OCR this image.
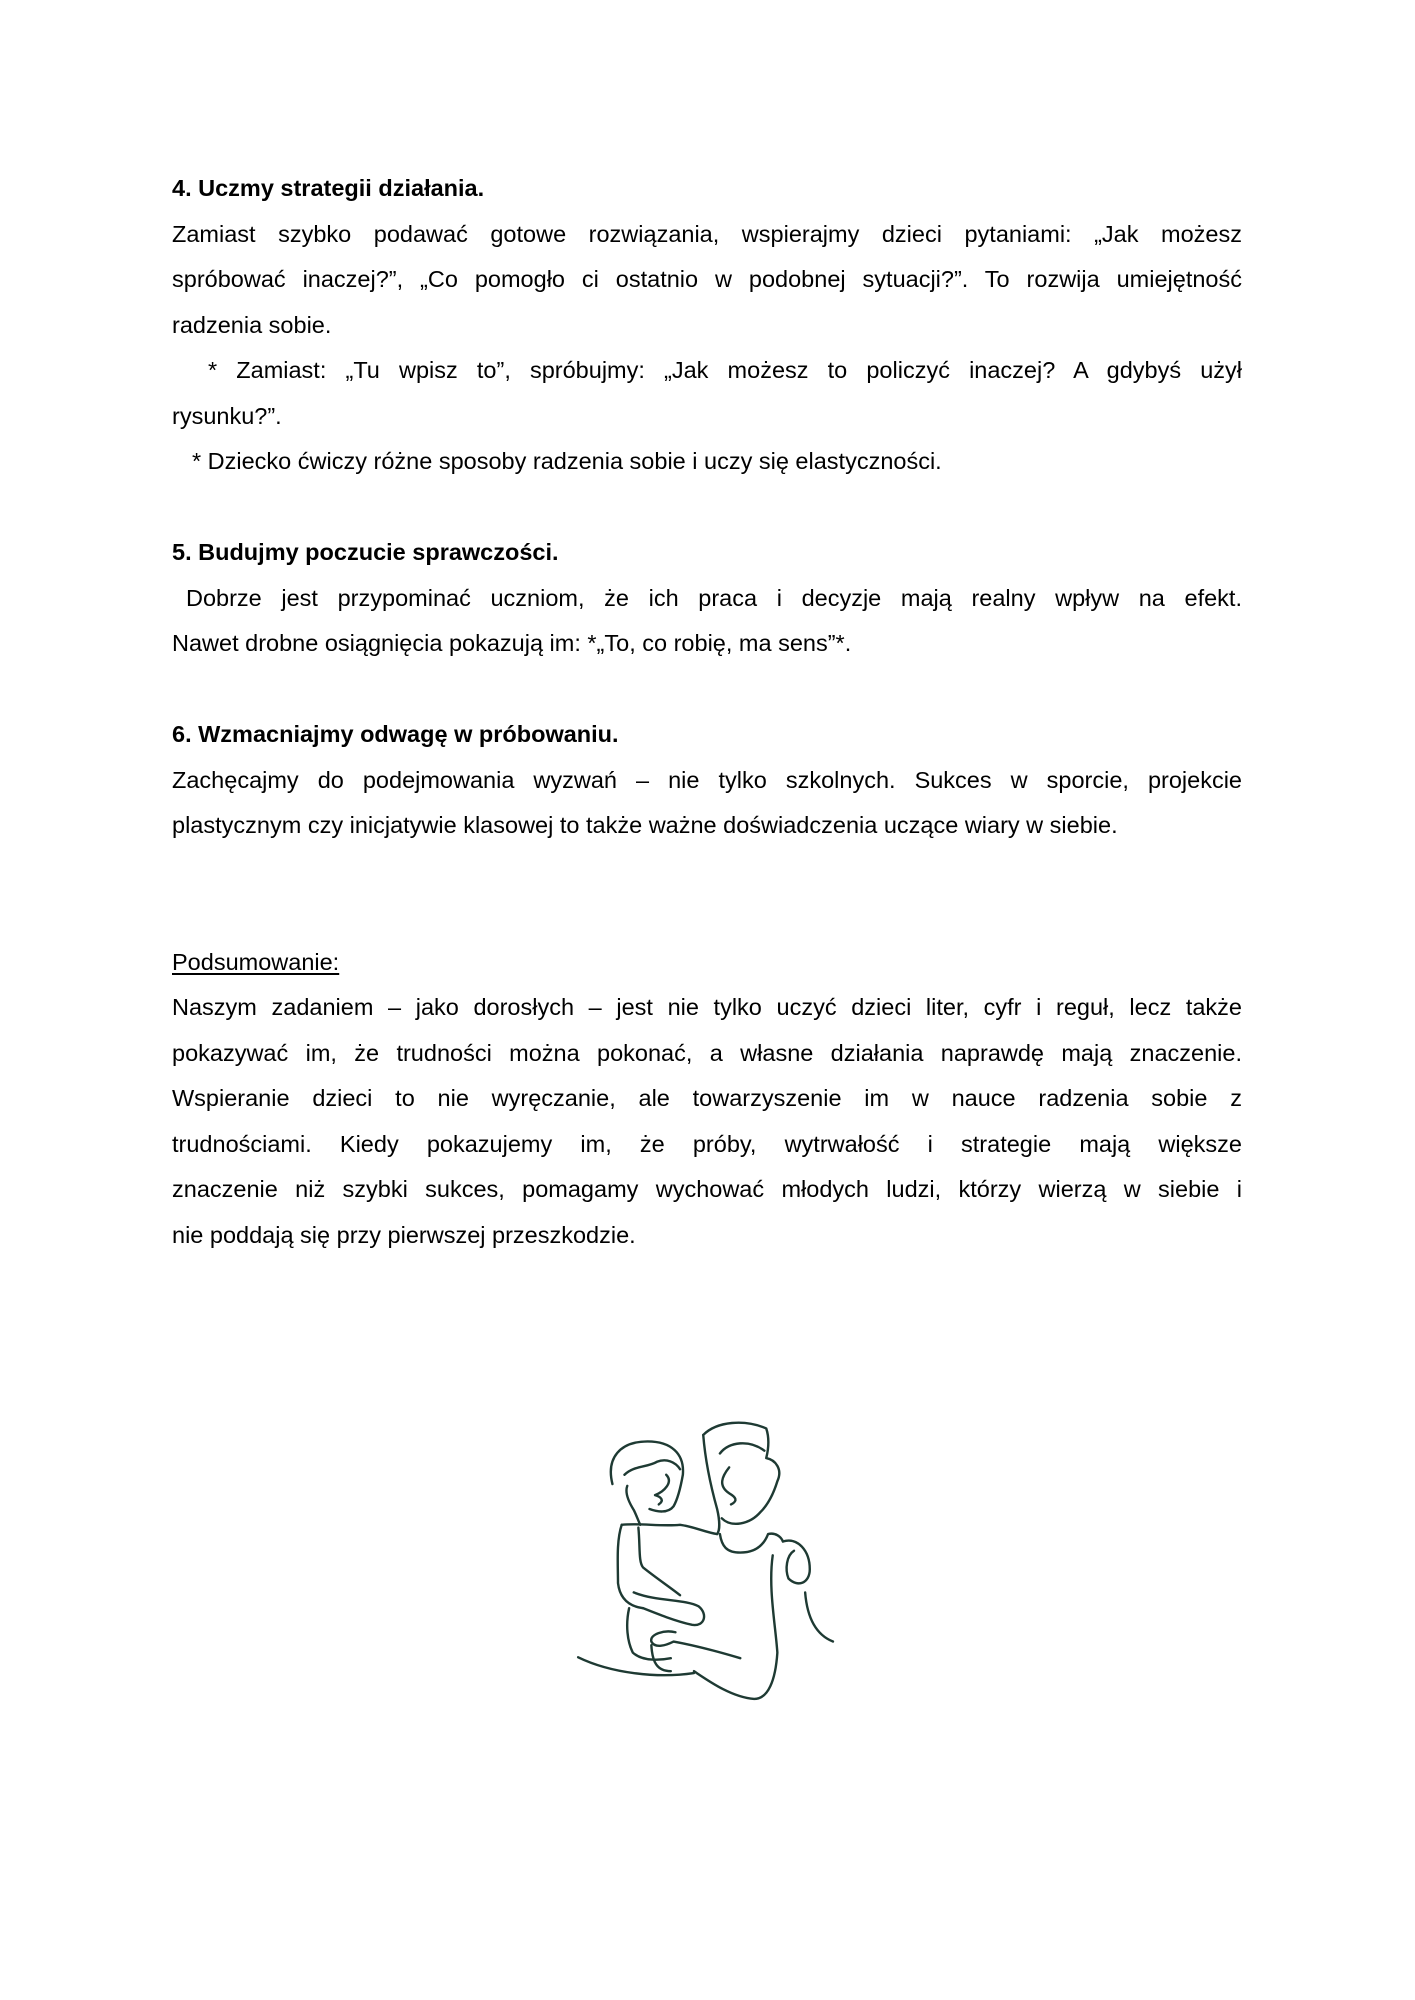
4. Uczmy strategii działania.

Zamiast szybko podawać gotowe rozwiązania, wspierajmy dzieci pytaniami: „Jak możesz
spróbować inaczej?”, „Co pomogło ci ostatnio w podobnej sytuacji?”. To rozwija umiejętność
radzenia sobie.
* Zamiast: „Tu wpisz to”, spróbujmy: „Jak możesz to policzyć inaczej? A gdybyś użył
rysunku?”.
* Dziecko ćwiczy różne sposoby radzenia sobie i uczy się elastyczności.

5. Budujmy poczucie sprawczości.

Dobrze jest przypominać uczniom, że ich praca i decyzje mają realny wpływ na efekt.
Nawet drobne osiągnięcia pokazują im: *„To, co robię, ma sens”*.

6. Wzmacniajmy odwagę w próbowaniu.

Zachęcajmy do podejmowania wyzwań – nie tylko szkolnych. Sukces w sporcie, projekcie
plastycznym czy inicjatywie klasowej to także ważne doświadczenia uczące wiary w siebie.

Podsumowanie:

Naszym zadaniem – jako dorosłych – jest nie tylko uczyć dzieci liter, cyfr i reguł, lecz także
pokazywać im, że trudności można pokonać, a własne działania naprawdę mają znaczenie.
Wspieranie dzieci to nie wyręczanie, ale towarzyszenie im w nauce radzenia sobie z
trudnościami. Kiedy pokazujemy im, że próby, wytrwałość i strategie mają większe
znaczenie niż szybki sukces, pomagamy wychować młodych ludzi, którzy wierzą w siebie i
nie poddają się przy pierwszej przeszkodzie.
